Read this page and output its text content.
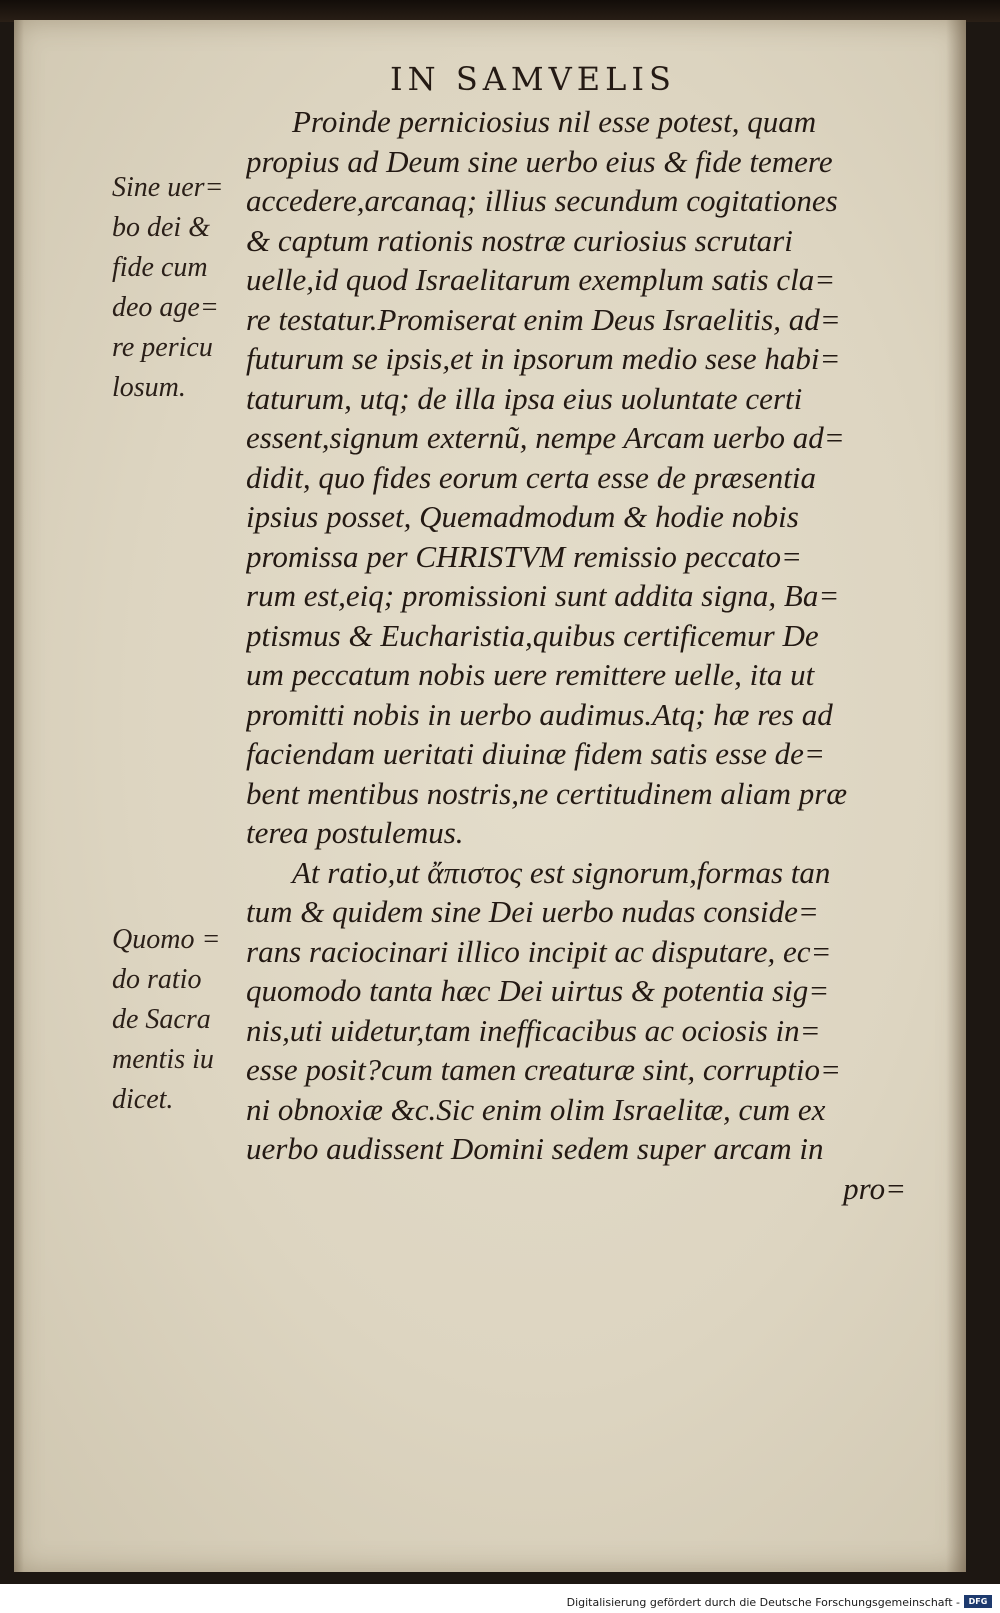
IN SAMVELIS
Sine uer=
bo dei &
fide cum
deo age=
re pericu
losum.
Quomo =
do ratio
de Sacra
mentis iu
dicet.
Proinde perniciosius nil esse potest, quam
propius ad Deum sine uerbo eius & fide temere
accedere,arcanaq; illius secundum cogitationes
& captum rationis nostræ curiosius scrutari
uelle,id quod Israelitarum exemplum satis cla=
re testatur.Promiserat enim Deus Israelitis, ad=
futurum se ipsis,et in ipsorum medio sese habi=
taturum, utq; de illa ipsa eius uoluntate certi
essent,signum externũ, nempe Arcam uerbo ad=
didit, quo fides eorum certa esse de præsentia
ipsius posset, Quemadmodum & hodie nobis
promissa per CHRISTVM remissio peccato=
rum est,eiq; promissioni sunt addita signa, Ba=
ptismus & Eucharistia,quibus certificemur De
um peccatum nobis uere remittere uelle, ita ut
promitti nobis in uerbo audimus.Atq; hæ res ad
faciendam ueritati diuinæ fidem satis esse de=
bent mentibus nostris,ne certitudinem aliam præ
terea postulemus.
At ratio,ut ἄπιστος est signorum,formas tan
tum & quidem sine Dei uerbo nudas conside=
rans raciocinari illico incipit ac disputare, ec=
quomodo tanta hæc Dei uirtus & potentia sig=
nis,uti uidetur,tam inefficacibus ac ociosis in=
esse posit?cum tamen creaturæ sint, corruptio=
ni obnoxiæ &c.Sic enim olim Israelitæ, cum ex
uerbo audissent Domini sedem super arcam in
pro=
Digitalisierung gefördert durch die Deutsche Forschungsgemeinschaft -	DFG
